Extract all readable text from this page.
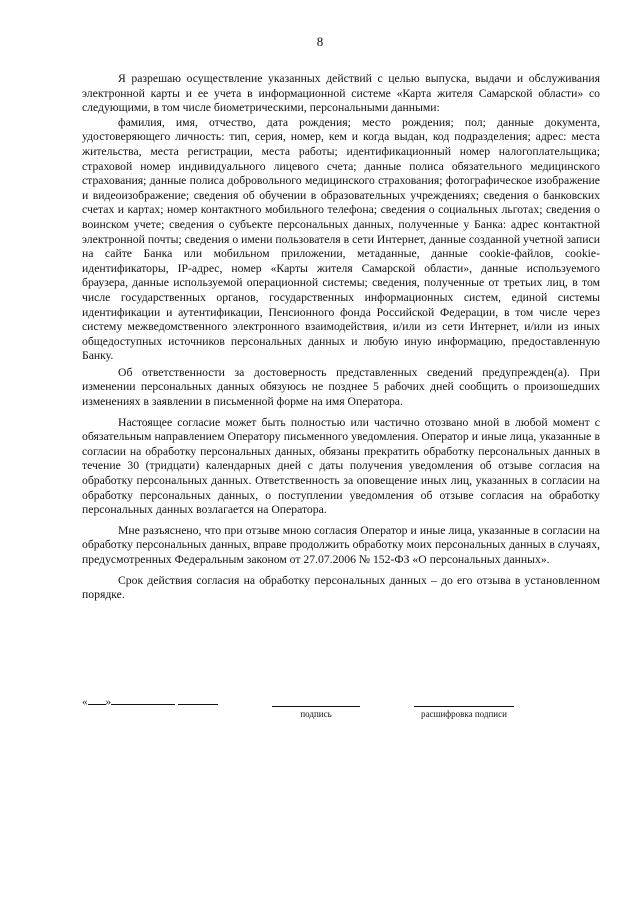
8

Я разрешаю осуществление указанных действий с целью выпуска, выдачи и обслуживания электронной карты и ее учета в информационной системе «Карта жителя Самарской области» со следующими, в том числе биометрическими, персональными данными:

фамилия, имя, отчество, дата рождения; место рождения; пол; данные документа, удостоверяющего личность: тип, серия, номер, кем и когда выдан, код подразделения; адрес: места жительства, места регистрации, места работы; идентификационный номер налогоплательщика; страховой номер индивидуального лицевого счета; данные полиса обязательного медицинского страхования; данные полиса добровольного медицинского страхования; фотографическое изображение и видеоизображение; сведения об обучении в образовательных учреждениях; сведения о банковских счетах и картах; номер контактного мобильного телефона; сведения о социальных льготах; сведения о воинском учете; сведения о субъекте персональных данных, полученные у Банка: адрес контактной электронной почты; сведения о имени пользователя в сети Интернет, данные созданной учетной записи на сайте Банка или мобильном приложении, метаданные, данные cookie-файлов, cookie-идентификаторы, IP-адрес, номер «Карты жителя Самарской области», данные используемого браузера, данные используемой операционной системы; сведения, полученные от третьих лиц, в том числе государственных органов, государственных информационных систем, единой системы идентификации и аутентификации, Пенсионного фонда Российской Федерации, в том числе через систему межведомственного электронного взаимодействия, и/или из сети Интернет, и/или из иных общедоступных источников персональных данных и любую иную информацию, предоставленную Банку.

Об ответственности за достоверность представленных сведений предупрежден(а). При изменении персональных данных обязуюсь не позднее 5 рабочих дней сообщить о произошедших изменениях в заявлении в письменной форме на имя Оператора.

Настоящее согласие может быть полностью или частично отозвано мной в любой момент с обязательным направлением Оператору письменного уведомления. Оператор и иные лица, указанные в согласии на обработку персональных данных, обязаны прекратить обработку персональных данных в течение 30 (тридцати) календарных дней с даты получения уведомления об отзыве согласия на обработку персональных данных. Ответственность за оповещение иных лиц, указанных в согласии на обработку персональных данных, о поступлении уведомления об отзыве согласия на обработку персональных данных возлагается на Оператора.

Мне разъяснено, что при отзыве мною согласия Оператор и иные лица, указанные в согласии на обработку персональных данных, вправе продолжить обработку моих персональных данных в случаях, предусмотренных Федеральным законом от 27.07.2006 № 152-ФЗ «О персональных данных».

Срок действия согласия на обработку персональных данных – до его отзыва в установленном порядке.

« »
подпись	расшифровка подписи
